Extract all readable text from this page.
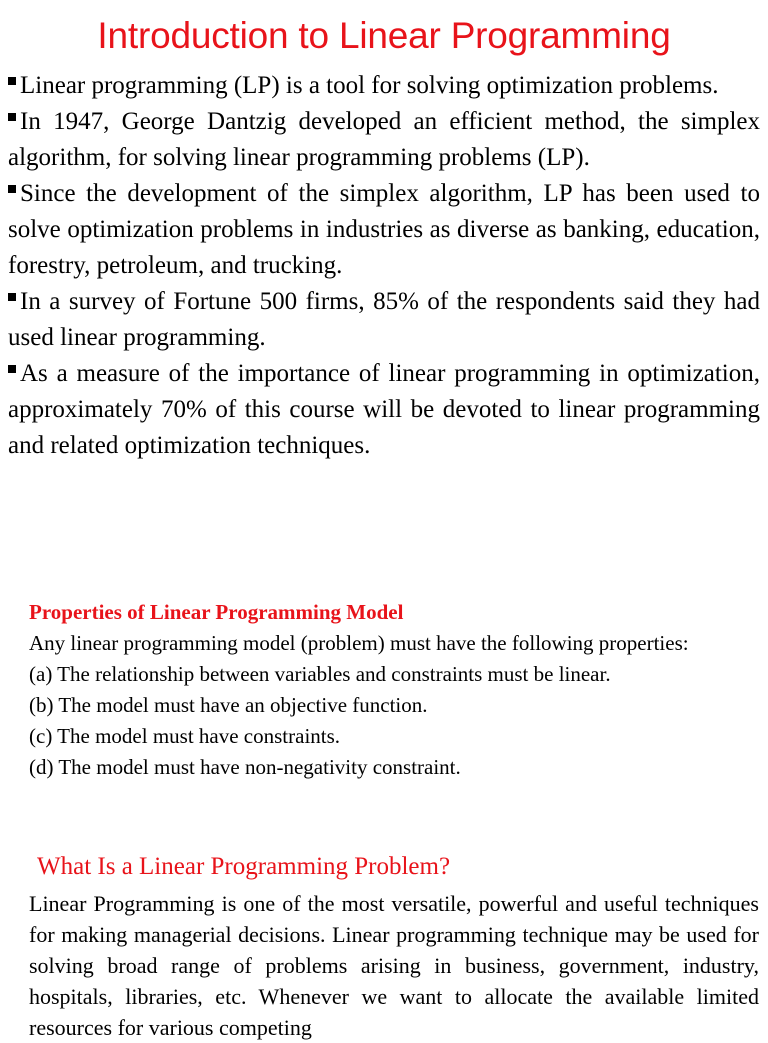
Introduction to Linear Programming
Linear programming (LP) is a tool for solving optimization problems.
In 1947, George Dantzig developed an efficient method, the simplex algorithm, for solving linear programming problems (LP).
Since the development of the simplex algorithm, LP has been used to solve optimization problems in industries as diverse as banking, education, forestry, petroleum, and trucking.
In a survey of Fortune 500 firms, 85% of the respondents said they had used linear programming.
As a measure of the importance of linear programming in optimization, approximately 70% of this course will be devoted to linear programming and related optimization techniques.
Properties of Linear Programming Model

Any linear programming model (problem) must have the following properties:

(a) The relationship between variables and constraints must be linear.
(b) The model must have an objective function.
(c) The model must have constraints.
(d) The model must have non-negativity constraint.
What Is a Linear Programming Problem?

Linear Programming is one of the most versatile, powerful and useful techniques for making managerial decisions. Linear programming technique may be used for solving broad range of problems arising in business, government, industry, hospitals, libraries, etc. Whenever we want to allocate the available limited resources for various competing
